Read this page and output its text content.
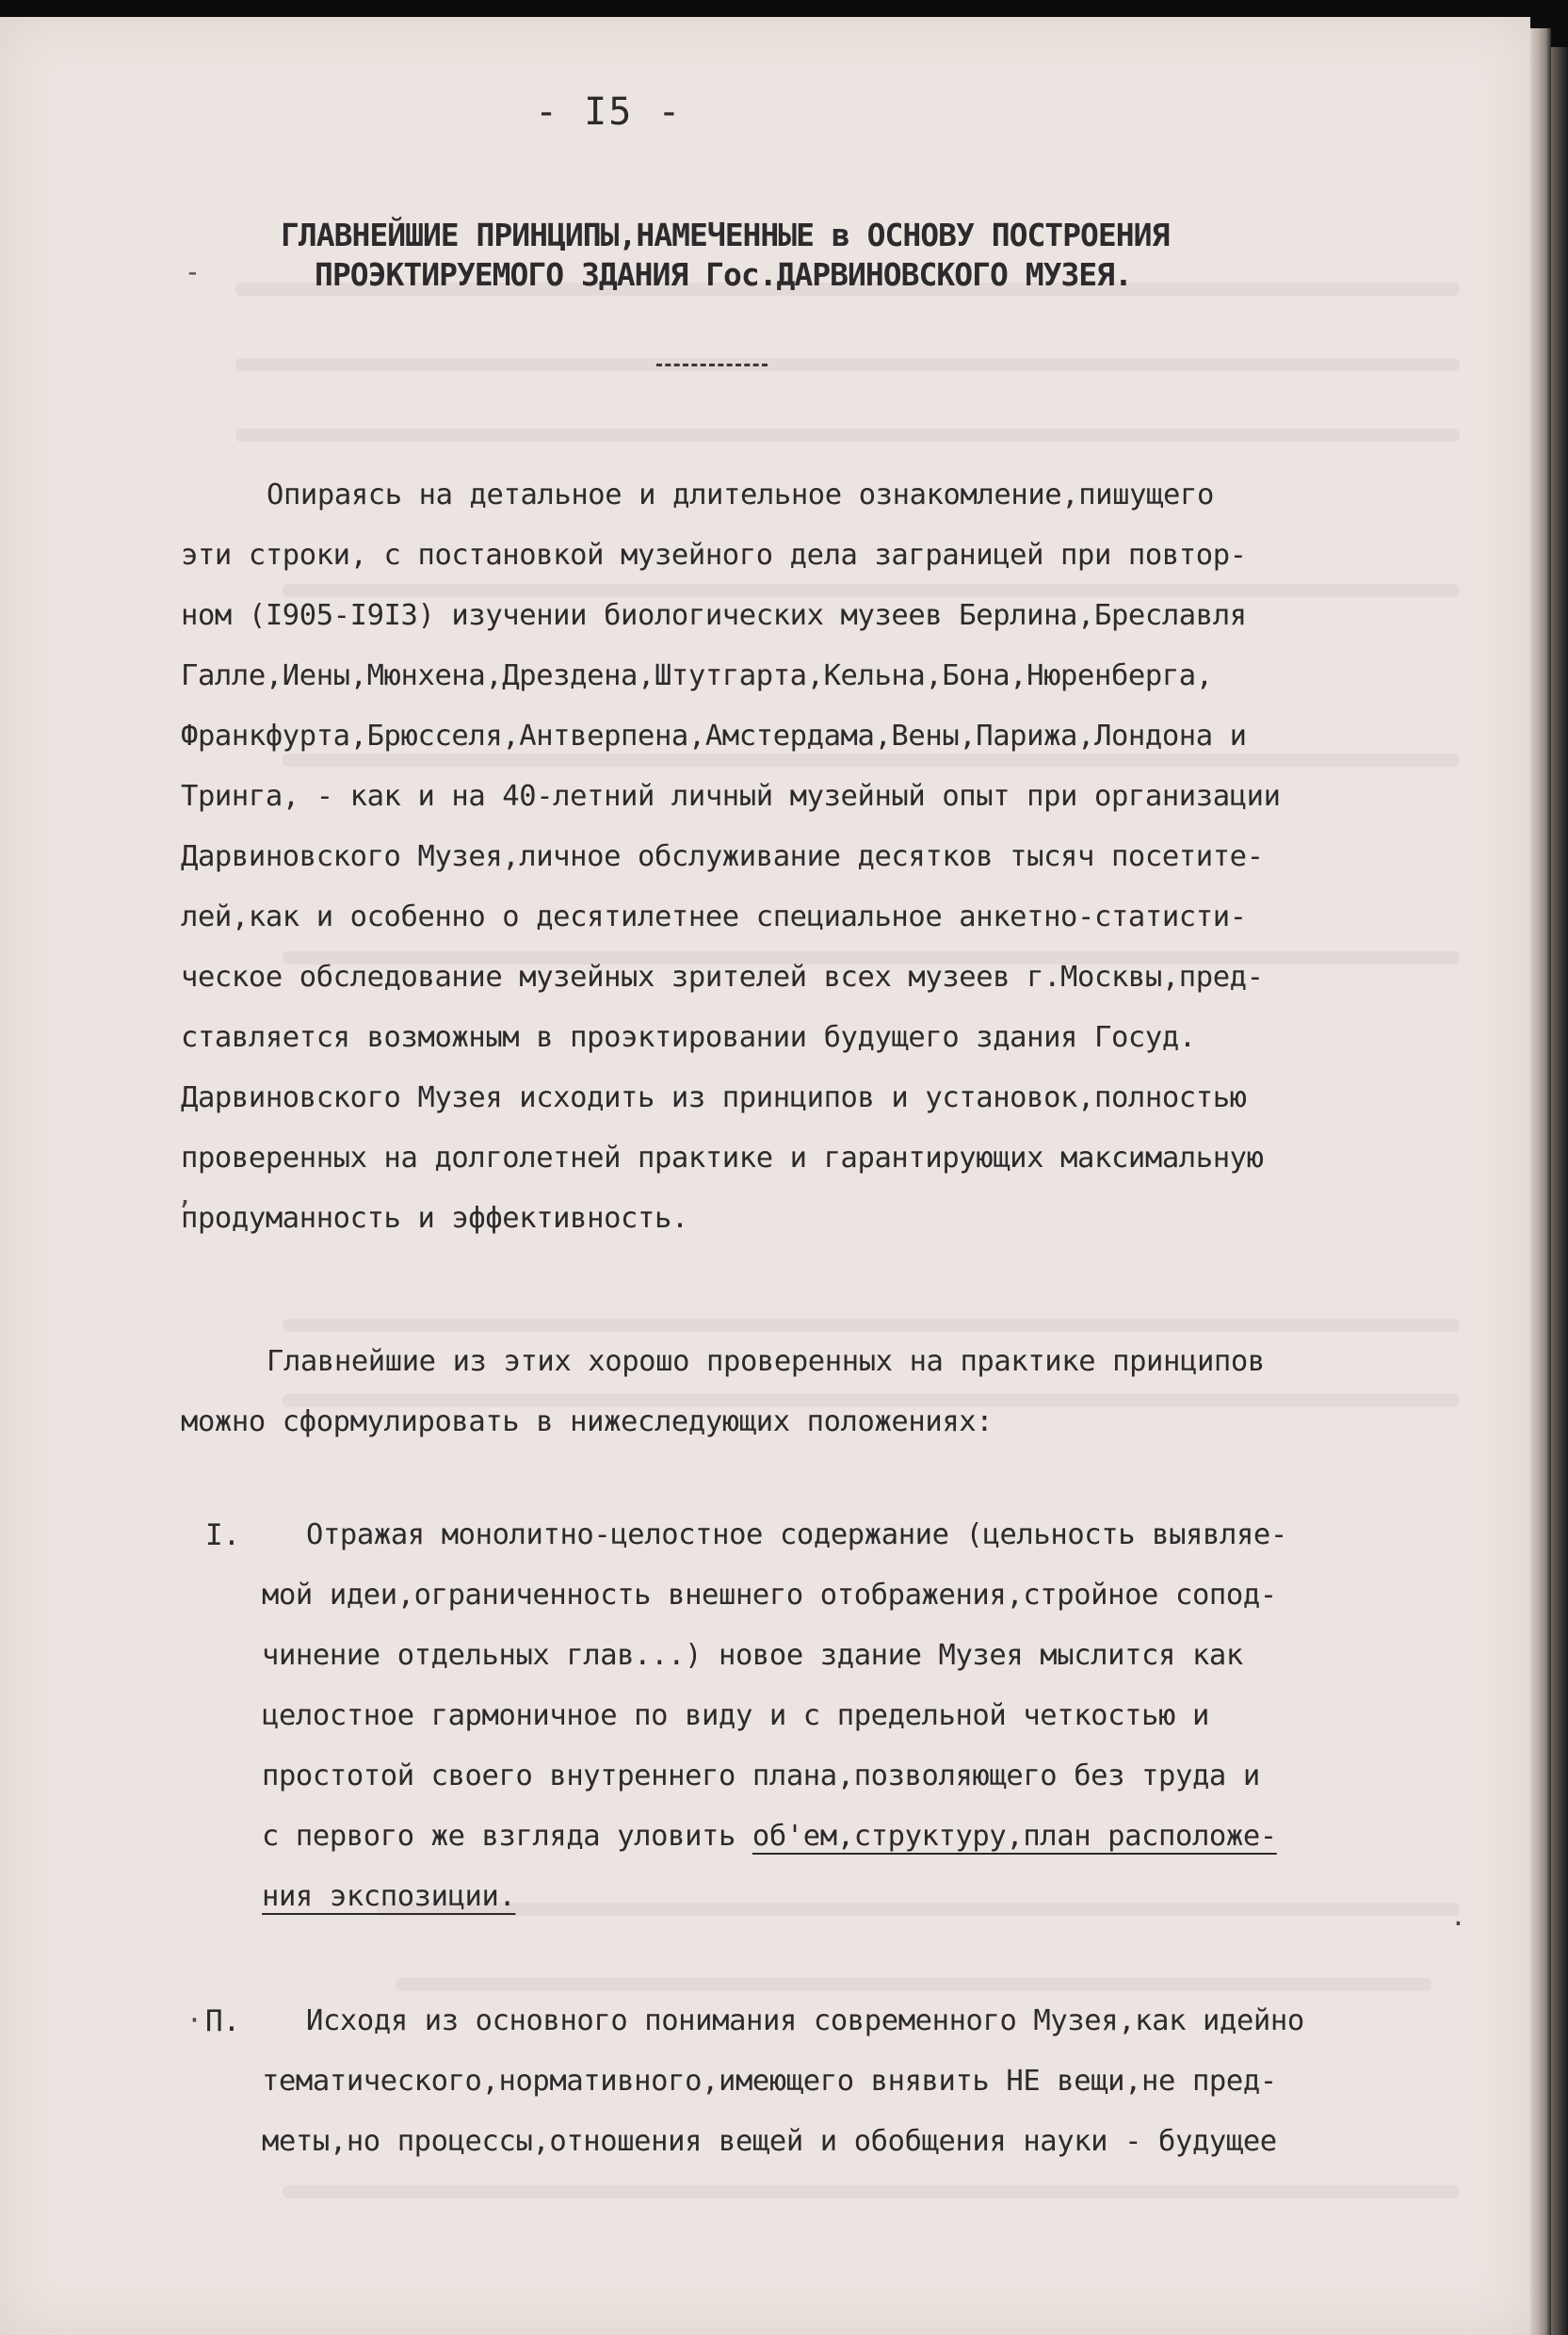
- I5 -
ГЛАВНЕЙШИЕ ПРИНЦИПЫ,НАМЕЧЕННЫЕ в ОСНОВУ ПОСТРОЕНИЯ
ПРОЭКТИРУЕМОГО ЗДАНИЯ Гос.ДАРВИНОВСКОГО МУЗЕЯ.
-
Опираясь на детальное и длительное ознакомление,пишущего
эти строки, с постановкой музейного дела заграницей при повтор-
ном (I905-I9I3) изучении биологических музеев Берлина,Бреславля
Галле,Иены,Мюнхена,Дрездена,Штутгарта,Кельна,Бона,Нюренберга,
Франкфурта,Брюсселя,Антверпена,Амстердама,Вены,Парижа,Лондона и
Тринга, - как и на 40-летний личный музейный опыт при организации
Дарвиновского Музея,личное обслуживание десятков тысяч посетите-
лей,как и особенно о десятилетнее специальное анкетно-статисти-
ческое обследование музейных зрителей всех музеев г.Москвы,пред-
ставляется возможным в проэктировании будущего здания Госуд.
Дарвиновского Музея исходить из принципов и установок,полностью
проверенных на долголетней практике и гарантирующих максимальную
продуманность и эффективность.
,
Главнейшие из этих хорошо проверенных на практике принципов
можно сформулировать в нижеследующих положениях:
I. Отражая монолитно-целостное содержание (цельность выявляе-
мой идеи,ограниченность внешнего отображения,стройное сопод-
чинение отдельных глав...) новое здание Музея мыслится как
целостное гармоничное по виду и с предельной четкостью и
простотой своего внутреннего плана,позволяющего без труда и
с первого же взгляда уловить об'ем,структуру,план расположе-
ния экспозиции.
.
· П. Исходя из основного понимания современного Музея,как идейно
тематического,нормативного,имеющего внявить НЕ вещи,не пред-
меты,но процессы,отношения вещей и обобщения науки - будущее
